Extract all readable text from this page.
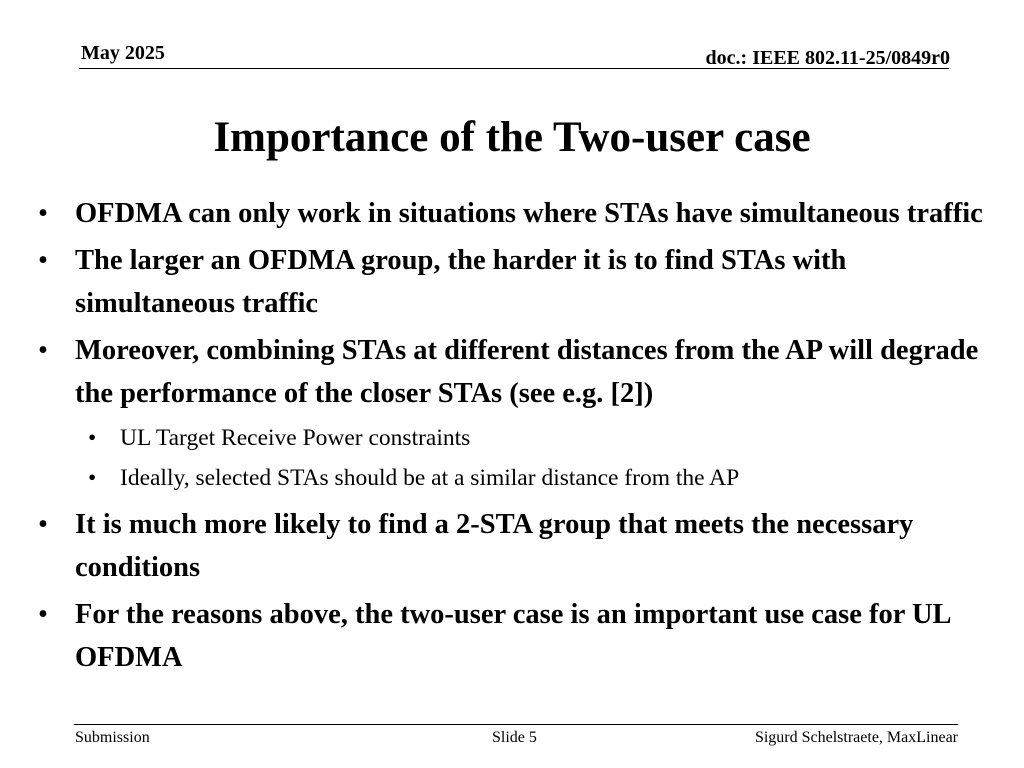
May 2025	doc.: IEEE 802.11-25/0849r0
Importance of the Two-user case
• OFDMA can only work in situations where STAs have simultaneous traffic
• The larger an OFDMA group, the harder it is to find STAs with simultaneous traffic
• Moreover, combining STAs at different distances from the AP will degrade the performance of the closer STAs (see e.g. [2])
• UL Target Receive Power constraints
• Ideally, selected STAs should be at a similar distance from the AP
• It is much more likely to find a 2-STA group that meets the necessary conditions
• For the reasons above, the two-user case is an important use case for UL OFDMA
Submission	Slide 5	Sigurd Schelstraete, MaxLinear
